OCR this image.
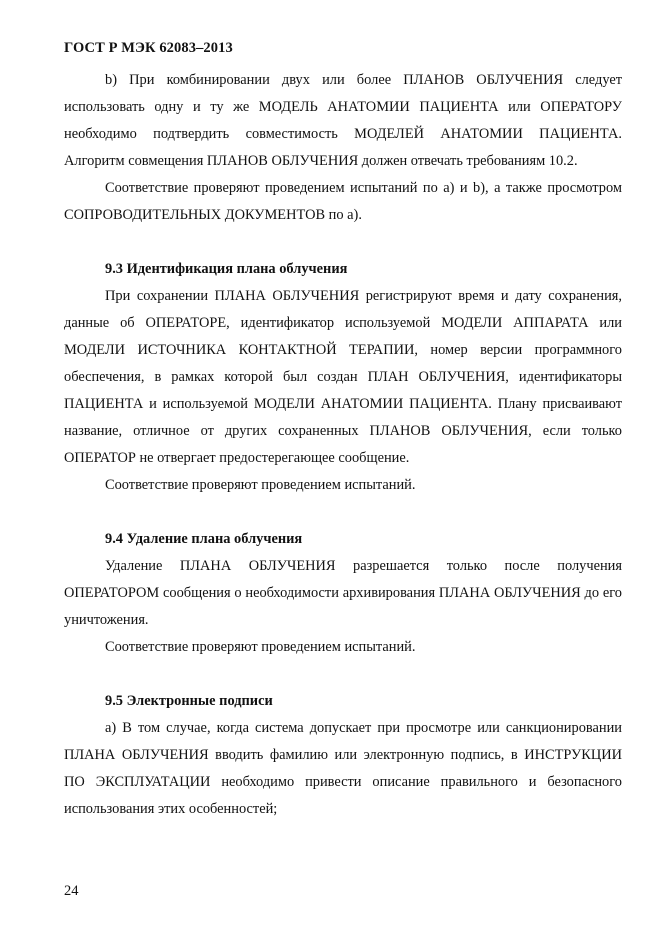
ГОСТ Р МЭК 62083–2013

b) При комбинировании двух или более ПЛАНОВ ОБЛУЧЕНИЯ следует использовать одну и ту же МОДЕЛЬ АНАТОМИИ ПАЦИЕНТА или ОПЕРАТОРУ необходимо подтвердить совместимость МОДЕЛЕЙ АНАТОМИИ ПАЦИЕНТА. Алгоритм совмещения ПЛАНОВ ОБЛУЧЕНИЯ должен отвечать требованиям 10.2.

Соответствие проверяют проведением испытаний по а) и b), а также просмотром СОПРОВОДИТЕЛЬНЫХ ДОКУМЕНТОВ по а).

9.3 Идентификация плана облучения

При сохранении ПЛАНА ОБЛУЧЕНИЯ регистрируют время и дату сохранения, данные об ОПЕРАТОРЕ, идентификатор используемой МОДЕЛИ АППАРАТА или МОДЕЛИ ИСТОЧНИКА КОНТАКТНОЙ ТЕРАПИИ, номер версии программного обеспечения, в рамках которой был создан ПЛАН ОБЛУЧЕНИЯ, идентификаторы ПАЦИЕНТА и используемой МОДЕЛИ АНАТОМИИ ПАЦИЕНТА. Плану присваивают название, отличное от других сохраненных ПЛАНОВ ОБЛУЧЕНИЯ, если только ОПЕРАТОР не отвергает предостерегающее сообщение.

Соответствие проверяют проведением испытаний.

9.4 Удаление плана облучения

Удаление ПЛАНА ОБЛУЧЕНИЯ разрешается только после получения ОПЕРАТОРОМ сообщения о необходимости архивирования ПЛАНА ОБЛУЧЕНИЯ до его уничтожения.

Соответствие проверяют проведением испытаний.

9.5 Электронные подписи

а) В том случае, когда система допускает при просмотре или санкционировании ПЛАНА ОБЛУЧЕНИЯ вводить фамилию или электронную подпись, в ИНСТРУКЦИИ ПО ЭКСПЛУАТАЦИИ необходимо привести описание правильного и безопасного использования этих особенностей;

24
